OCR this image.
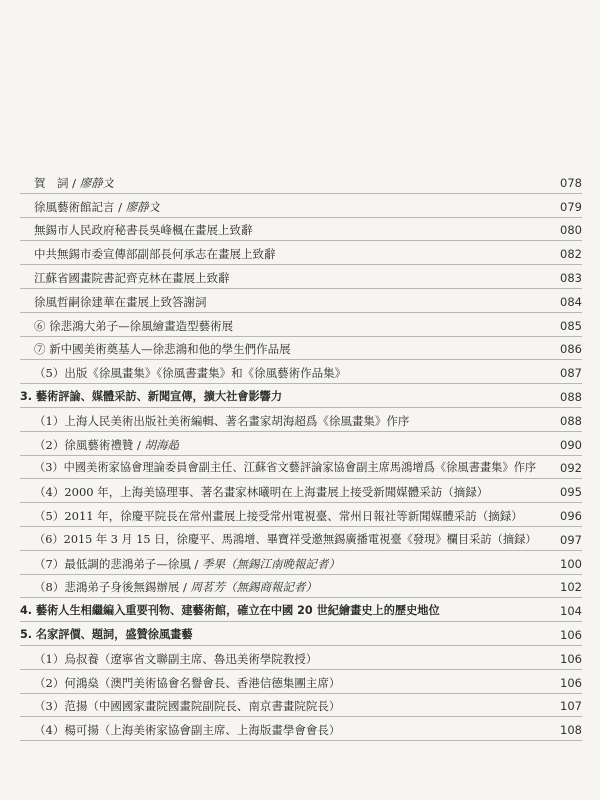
賀　詞 / 廖静文	078
徐風藝術館記言 / 廖静文	079
無錫市人民政府秘書長吳峰楓在畫展上致辭	080
中共無錫市委宣傳部副部長何承志在畫展上致辭	082
江蘇省國畫院書記齊克林在畫展上致辭	083
徐風哲嗣徐建華在畫展上致答謝詞	084
⑥ 徐悲鴻大弟子—徐風繪畫造型藝術展	085
⑦ 新中國美術奠基人—徐悲鴻和他的學生們作品展	086
（5）出版《徐風畫集》《徐風書畫集》和《徐風藝術作品集》	087
3. 藝術評論、媒體采訪、新聞宣傳，擴大社會影響力	088
（1）上海人民美術出版社美術編輯、著名畫家胡海超爲《徐風畫集》作序	088
（2）徐風藝術禮贊 / 胡海超	090
（3）中國美術家協會理論委員會副主任、江蘇省文藝評論家協會副主席馬鴻增爲《徐風書畫集》作序	092
（4）2000 年，上海美協理事、著名畫家林曦明在上海畫展上接受新聞媒體采訪（摘録）	095
（5）2011 年，徐慶平院長在常州畫展上接受常州電視臺、常州日報社等新聞媒體采訪（摘録）	096
（6）2015 年 3 月 15 日，徐慶平、馬鴻增、畢寶祥受邀無錫廣播電視臺《發現》欄目采訪（摘録）	097
（7）最低調的悲鴻弟子—徐風 / 季果（無錫江南晚報記者）	100
（8）悲鴻弟子身後無錫辦展 / 周茗芳（無錫商報記者）	102
4. 藝術人生相繼編入重要刊物、建藝術館，確立在中國 20 世紀繪畫史上的歷史地位	104
5. 名家評價、題詞，盛贊徐風畫藝	106
（1）烏叔養（遼寧省文聯副主席、魯迅美術學院教授）	106
（2）何鴻燊（澳門美術協會名譽會長、香港信德集團主席）	106
（3）范揚（中國國家畫院國畫院副院長、南京書畫院院長）	107
（4）楊可揚（上海美術家協會副主席、上海版畫學會會長）	108
